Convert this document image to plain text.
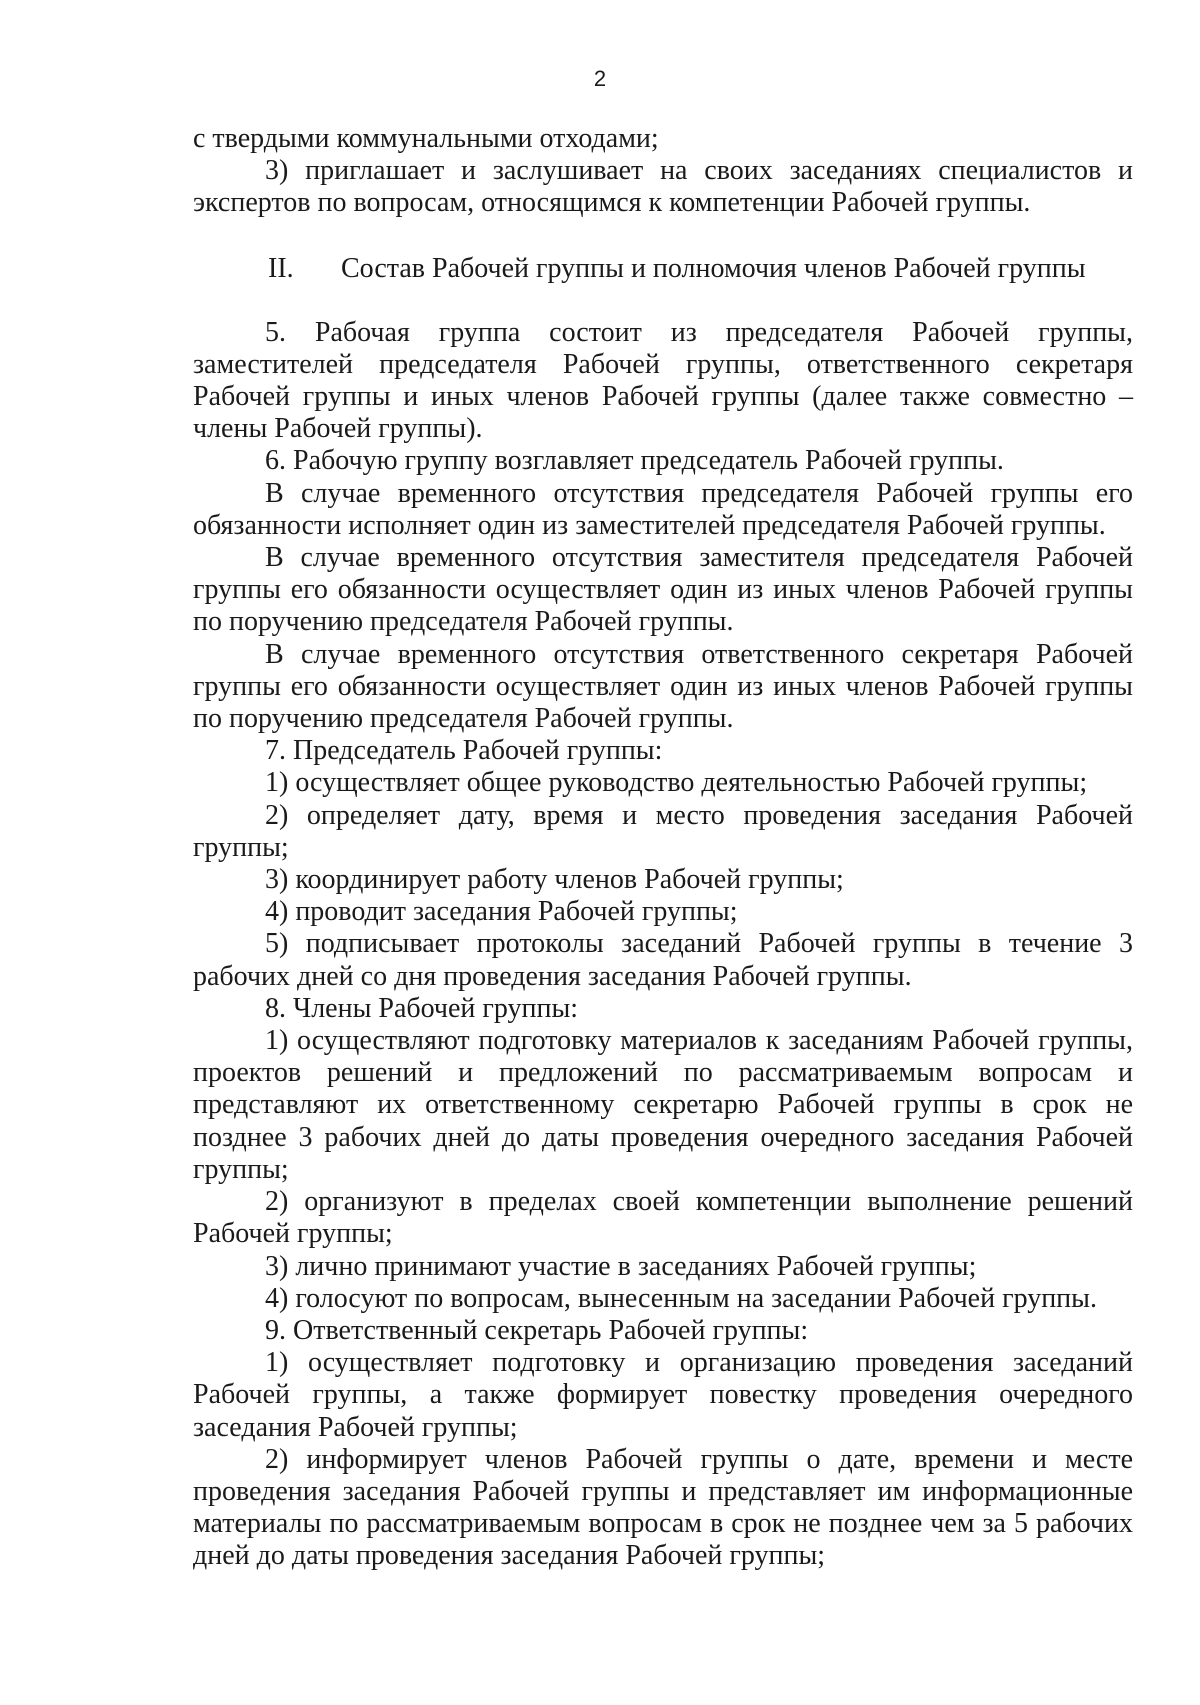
2

с твердыми коммунальными отходами;

3) приглашает и заслушивает на своих заседаниях специалистов и экспертов по вопросам, относящимся к компетенции Рабочей группы.

II. Состав Рабочей группы и полномочия членов Рабочей группы

5. Рабочая группа состоит из председателя Рабочей группы, заместителей председателя Рабочей группы, ответственного секретаря Рабочей группы и иных членов Рабочей группы (далее также совместно – члены Рабочей группы).

6. Рабочую группу возглавляет председатель Рабочей группы.

В случае временного отсутствия председателя Рабочей группы его обязанности исполняет один из заместителей председателя Рабочей группы.

В случае временного отсутствия заместителя председателя Рабочей группы его обязанности осуществляет один из иных членов Рабочей группы по поручению председателя Рабочей группы.

В случае временного отсутствия ответственного секретаря Рабочей группы его обязанности осуществляет один из иных членов Рабочей группы по поручению председателя Рабочей группы.

7. Председатель Рабочей группы:

1) осуществляет общее руководство деятельностью Рабочей группы;

2) определяет дату, время и место проведения заседания Рабочей группы;

3) координирует работу членов Рабочей группы;

4) проводит заседания Рабочей группы;

5) подписывает протоколы заседаний Рабочей группы в течение 3 рабочих дней со дня проведения заседания Рабочей группы.

8. Члены Рабочей группы:

1) осуществляют подготовку материалов к заседаниям Рабочей группы, проектов решений и предложений по рассматриваемым вопросам и представляют их ответственному секретарю Рабочей группы в срок не позднее 3 рабочих дней до даты проведения очередного заседания Рабочей группы;

2) организуют в пределах своей компетенции выполнение решений Рабочей группы;

3) лично принимают участие в заседаниях Рабочей группы;

4) голосуют по вопросам, вынесенным на заседании Рабочей группы.

9. Ответственный секретарь Рабочей группы:

1) осуществляет подготовку и организацию проведения заседаний Рабочей группы, а также формирует повестку проведения очередного заседания Рабочей группы;

2) информирует членов Рабочей группы о дате, времени и месте проведения заседания Рабочей группы и представляет им информационные материалы по рассматриваемым вопросам в срок не позднее чем за 5 рабочих дней до даты проведения заседания Рабочей группы;
